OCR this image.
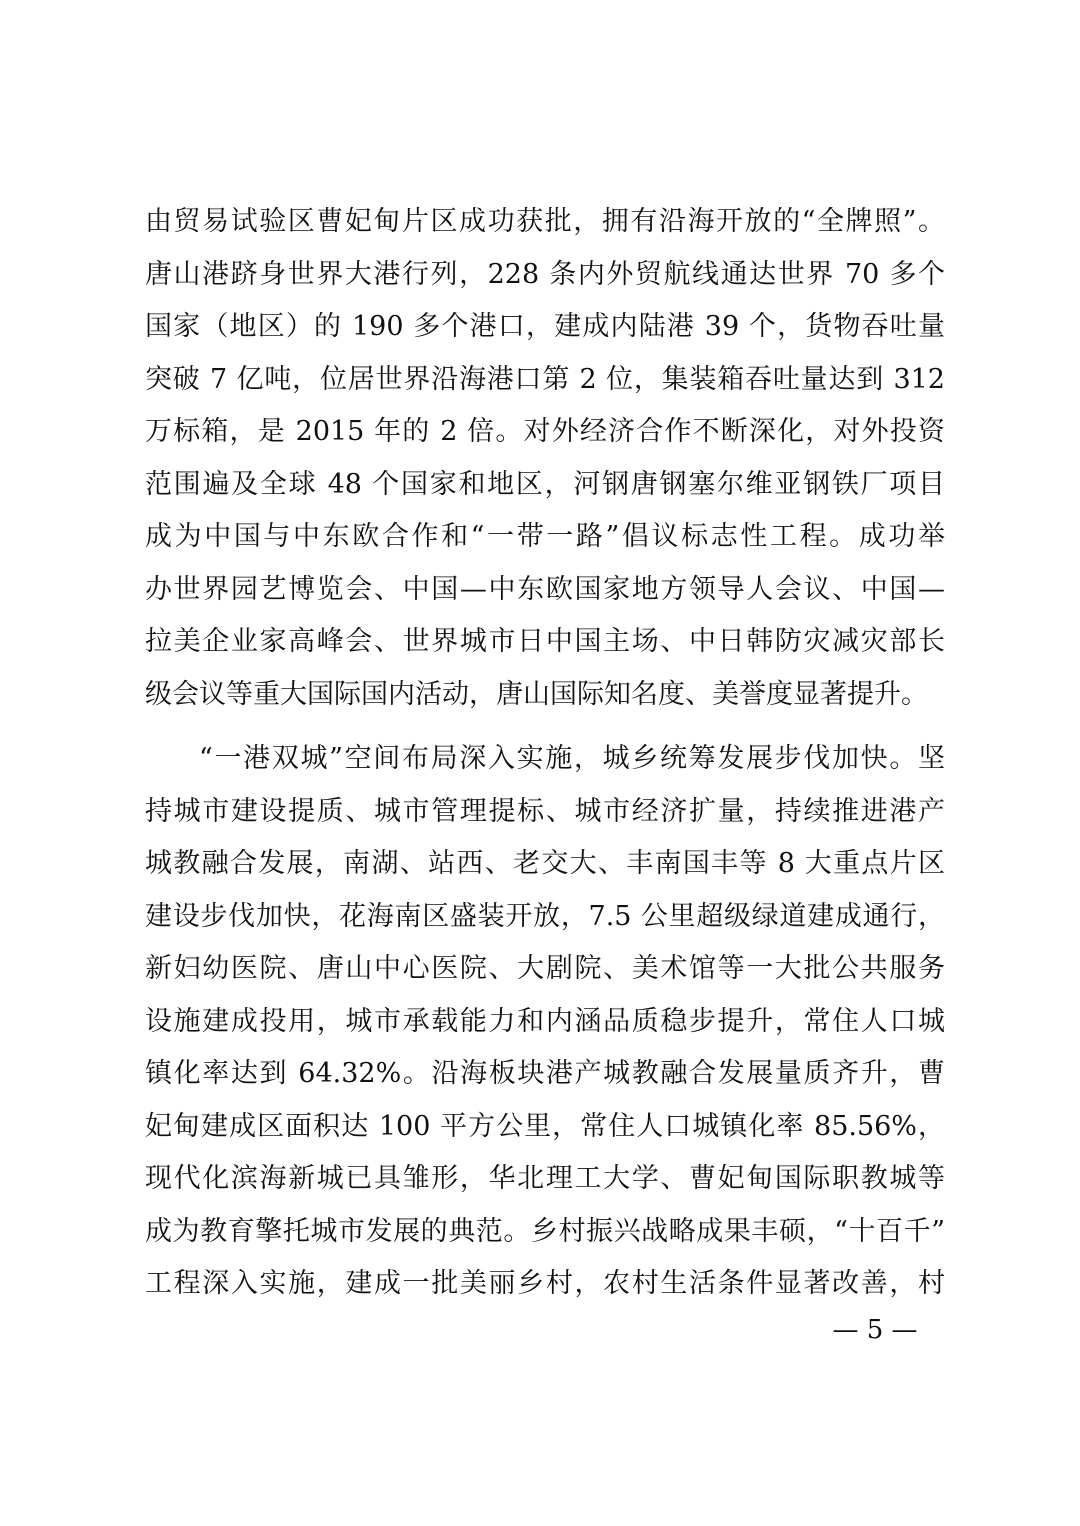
由贸易试验区曹妃甸片区成功获批，拥有沿海开放的“全牌照”。
唐山港跻身世界大港行列，228 条内外贸航线通达世界 70 多个
国家（地区）的 190 多个港口，建成内陆港 39 个，货物吞吐量
突破 7 亿吨，位居世界沿海港口第 2 位，集装箱吞吐量达到 312
万标箱，是 2015 年的 2 倍。对外经济合作不断深化，对外投资
范围遍及全球 48 个国家和地区，河钢唐钢塞尔维亚钢铁厂项目
成为中国与中东欧合作和“一带一路”倡议标志性工程。成功举
办世界园艺博览会、中国—中东欧国家地方领导人会议、中国—
拉美企业家高峰会、世界城市日中国主场、中日韩防灾减灾部长
级会议等重大国际国内活动，唐山国际知名度、美誉度显著提升。
“一港双城”空间布局深入实施，城乡统筹发展步伐加快。坚
持城市建设提质、城市管理提标、城市经济扩量，持续推进港产
城教融合发展，南湖、站西、老交大、丰南国丰等 8 大重点片区
建设步伐加快，花海南区盛装开放，7.5 公里超级绿道建成通行，
新妇幼医院、唐山中心医院、大剧院、美术馆等一大批公共服务
设施建成投用，城市承载能力和内涵品质稳步提升，常住人口城
镇化率达到 64.32%。沿海板块港产城教融合发展量质齐升，曹
妃甸建成区面积达 100 平方公里，常住人口城镇化率 85.56%，
现代化滨海新城已具雏形，华北理工大学、曹妃甸国际职教城等
成为教育擎托城市发展的典范。乡村振兴战略成果丰硕，“十百千”
工程深入实施，建成一批美丽乡村，农村生活条件显著改善，村
— 5 —
